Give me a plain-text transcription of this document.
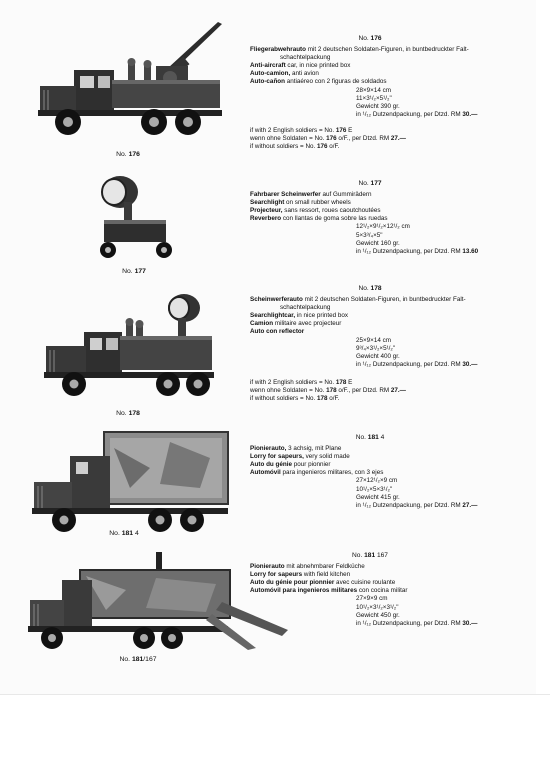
No. 176
No. 176
Fliegerabwehrauto mit 2 deutschen Soldaten-Figuren, in buntbedruckter Falt-
schachtelpackung
Anti-aircraft car, in nice printed box
Auto-camion, anti avion
Auto-cañon antiaéreo con 2 figuras de soldados
28×9×14 cm
11×3¹/₂×5¹/₂"
Gewicht 390 gr.
in ¹/₁₂ Dutzendpackung, per Dtzd. RM 30.—
if with 2 English soldiers = No. 176 E
wenn ohne Soldaten = No. 176 o/F., per Dtzd. RM 27.—
if without soldiers = No. 176 o/F.
No. 177
No. 177
Fahrbarer Scheinwerfer auf Gummirädern
Searchlight on small rubber wheels
Projecteur, sans ressort, roues caoutchoutées
Reverbero con llantas de goma sobre las ruedas
12¹/₂×9¹/₂×12¹/₂ cm
5×3³/₄×5"
Gewicht 160 gr.
in ¹/₁₂ Dutzendpackung, per Dtzd. RM 13.60
No. 178
No. 178
Scheinwerferauto mit 2 deutschen Soldaten-Figuren, in buntbedruckter Falt-
schachtelpackung
Searchlightcar, in nice printed box
Camion militaire avec projecteur
Auto con reflector
25×9×14 cm
9³/₄×3¹/₂×5¹/₂"
Gewicht 400 gr.
in ¹/₁₂ Dutzendpackung, per Dtzd. RM 30.—
if with 2 English soldiers = No. 178 E
wenn ohne Soldaten = No. 178 o/F., per Dtzd. RM 27.—
if without soldiers = No. 178 o/F.
No. 181 4
No. 181 4
Pionierauto, 3 achsig, mit Plane
Lorry for sapeurs, very solid made
Auto du génie pour pionnier
Automóvil para ingenieros militares, con 3 ejes
27×12¹/₂×9 cm
10¹/₂×5×3¹/₂"
Gewicht 415 gr.
in ¹/₁₂ Dutzendpackung, per Dtzd. RM 27.—
No. 181/167
No. 181 167
Pionierauto mit abnehmbarer Feldküche
Lorry for sapeurs with field kitchen
Auto du génie pour pionnier avec cuisine roulante
Automóvil para ingenieros militares con cocina militar
27×9×9 cm
10¹/₂×3¹/₂×3¹/₂"
Gewicht 450 gr.
in ¹/₁₂ Dutzendpackung, per Dtzd. RM 30.—
